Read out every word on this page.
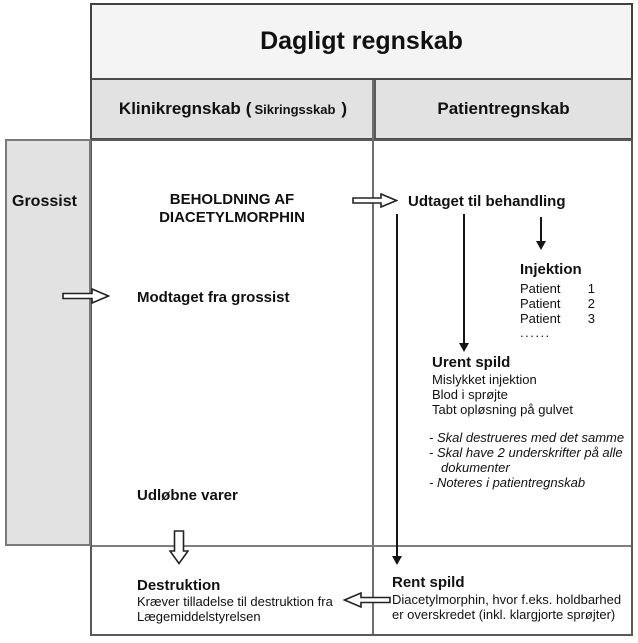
Dagligt regnskab
Klinikregnskab ( Sikringsskab )	Patientregnskab
Grossist	BEHOLDNING AF
DIACETYLMORPHIN
Modtaget fra grossist
Udløbne varer
Destruktion
Kræver tilladelse til destruktion fra
Lægemiddelstyrelsen
Udtaget til behandling
Injektion
Patient 1
Patient 2
Patient 3
......
Urent spild
Mislykket injektion
Blod i sprøjte
Tabt opløsning på gulvet
- Skal destrueres med det samme
- Skal have 2 underskrifter på alle
dokumenter
- Noteres i patientregnskab
Rent spild
Diacetylmorphin, hvor f.eks. holdbarhed
er overskredet (inkl. klargjorte sprøjter)
